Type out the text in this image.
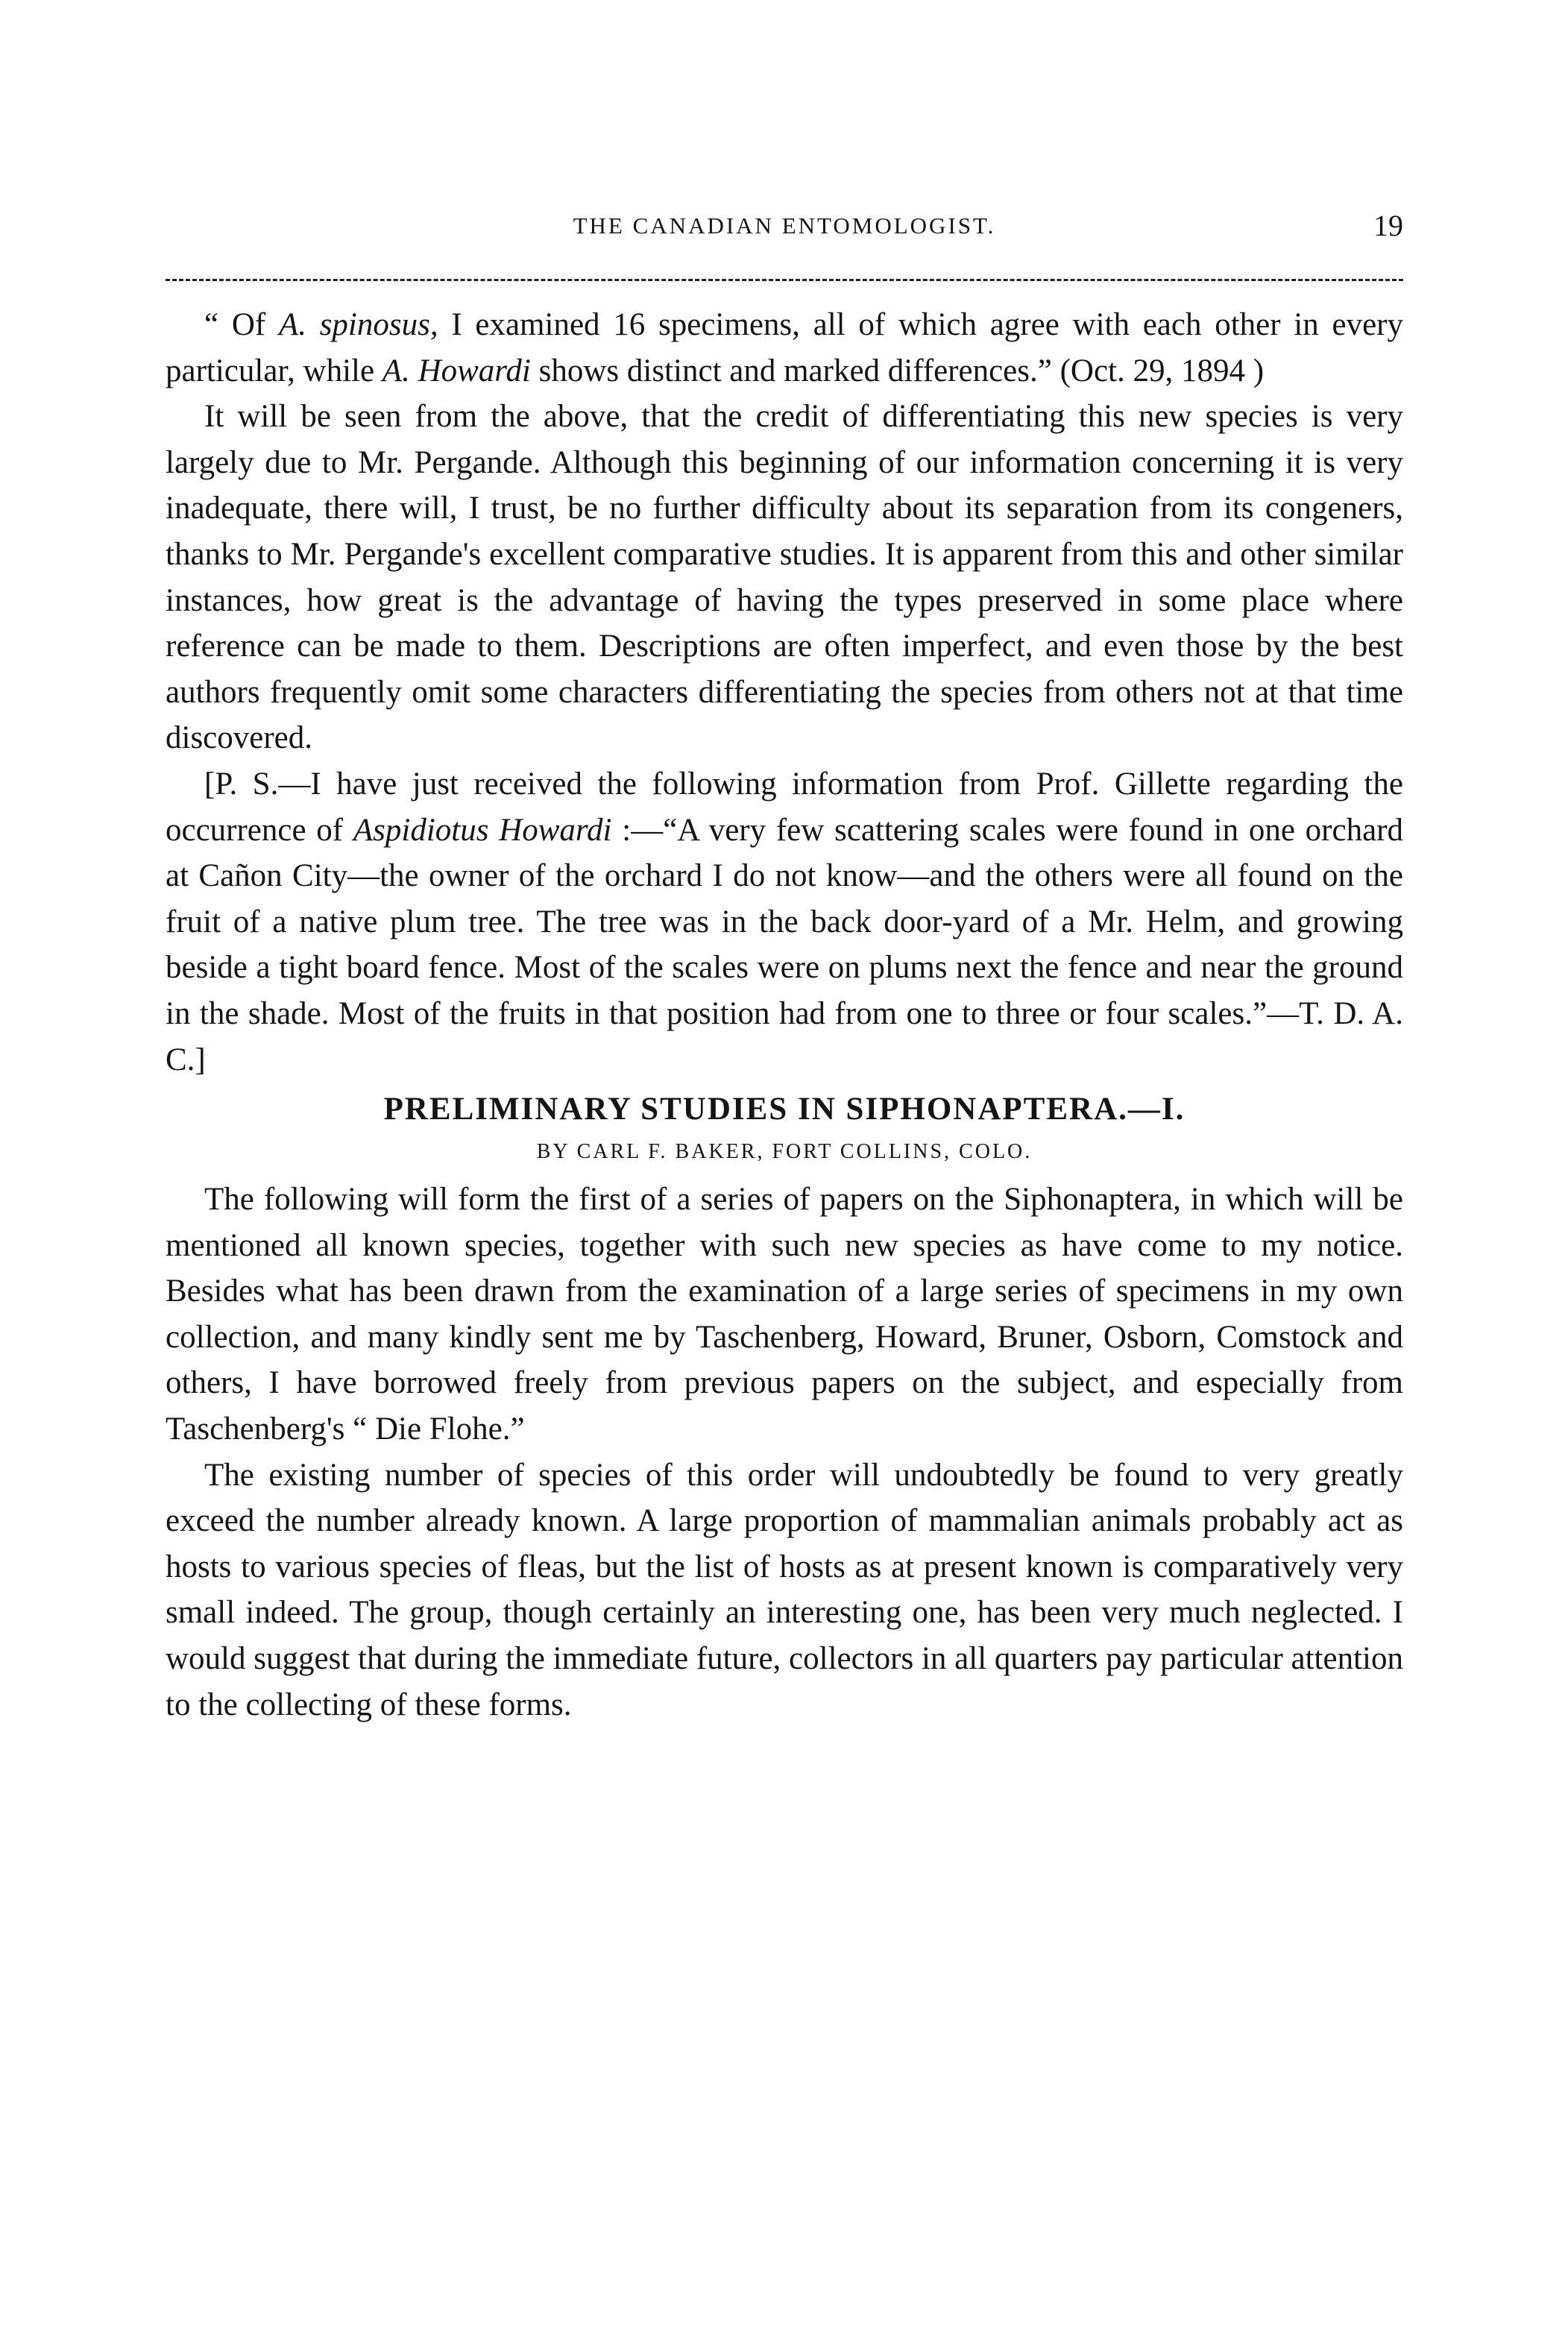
THE CANADIAN ENTOMOLOGIST.	19

“ Of A. spinosus, I examined 16 specimens, all of which agree with each other in every particular, while A. Howardi shows distinct and marked differences.” (Oct. 29, 1894 )

It will be seen from the above, that the credit of differentiating this new species is very largely due to Mr. Pergande. Although this beginning of our information concerning it is very inadequate, there will, I trust, be no further difficulty about its separation from its congeners, thanks to Mr. Pergande's excellent comparative studies. It is apparent from this and other similar instances, how great is the advantage of having the types preserved in some place where reference can be made to them. Descriptions are often imperfect, and even those by the best authors frequently omit some characters differentiating the species from others not at that time discovered.

[P. S.—I have just received the following information from Prof. Gillette regarding the occurrence of Aspidiotus Howardi :—“A very few scattering scales were found in one orchard at Cañon City—the owner of the orchard I do not know—and the others were all found on the fruit of a native plum tree. The tree was in the back door-yard of a Mr. Helm, and growing beside a tight board fence. Most of the scales were on plums next the fence and near the ground in the shade. Most of the fruits in that position had from one to three or four scales.”—T. D. A. C.]

PRELIMINARY STUDIES IN SIPHONAPTERA.—I.
BY CARL F. BAKER, FORT COLLINS, COLO.

The following will form the first of a series of papers on the Siphonaptera, in which will be mentioned all known species, together with such new species as have come to my notice. Besides what has been drawn from the examination of a large series of specimens in my own collection, and many kindly sent me by Taschenberg, Howard, Bruner, Osborn, Comstock and others, I have borrowed freely from previous papers on the subject, and especially from Taschenberg's “ Die Flohe.”

The existing number of species of this order will undoubtedly be found to very greatly exceed the number already known. A large proportion of mammalian animals probably act as hosts to various species of fleas, but the list of hosts as at present known is comparatively very small indeed. The group, though certainly an interesting one, has been very much neglected. I would suggest that during the immediate future, collectors in all quarters pay particular attention to the collecting of these forms.
